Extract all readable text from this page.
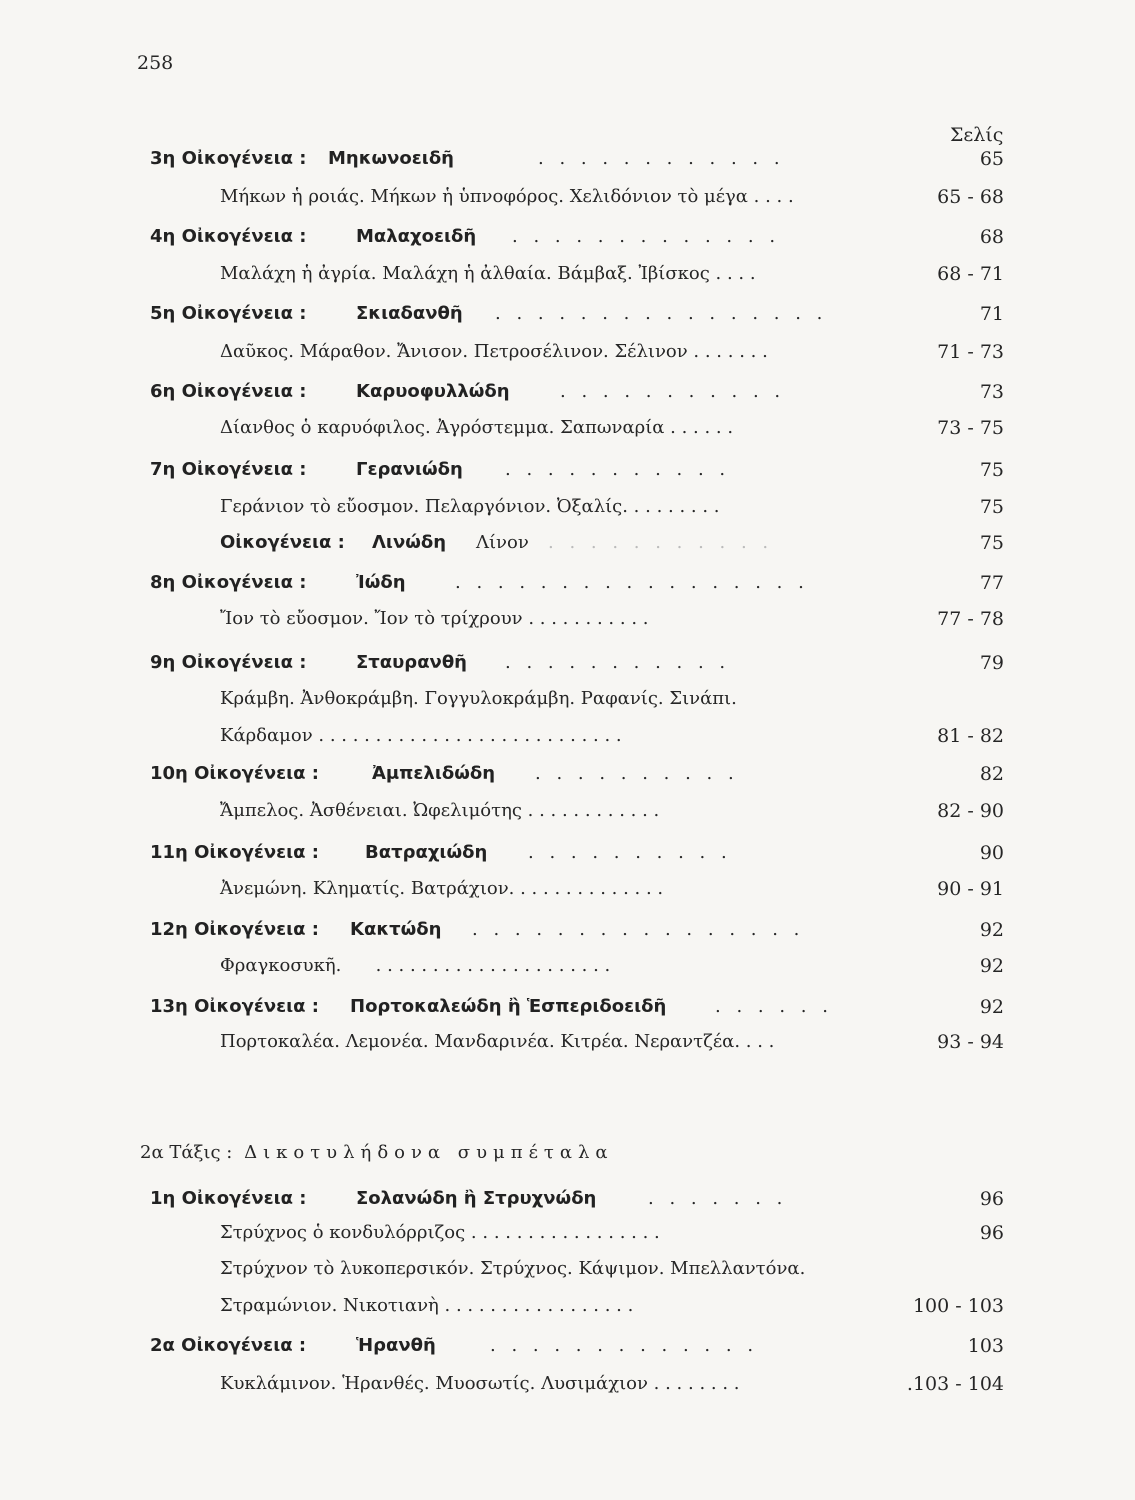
258
Σελίς
3η Οἰκογένεια : Μηκωνοειδῆ	. . . . . . . . . . . .	65
Μήκων ἡ ροιάς. Μήκων ἡ ὑπνοφόρος. Χελιδόνιον τὸ μέγα . . . .	65 - 68
4η Οἰκογένεια :	Μαλαχοειδῆ . . . . . . . . . . . . .	68
Μαλάχη ἡ ἀγρία. Μαλάχη ἡ ἀλθαία. Βάμβαξ. Ἰβίσκος . . . .	68 - 71
5η Οἰκογένεια :	Σκιαδανθῆ . . . . . . . . . . . . . . . .	71
Δαῦκος. Μάραθον. Ἄνισον. Πετροσέλινον. Σέλινον . . . . . . .	71 - 73
6η Οἰκογένεια :	Καρυοφυλλώδη	. . . . . . . . . . .	73
Δίανθος ὁ καρυόφιλος. Ἀγρόστεμμα. Σαπωναρία . . . . . .	73 - 75
7η Οἰκογένεια :	Γερανιώδη . . . . . . . . . . .	75
Γεράνιον τὸ εὔοσμον. Πελαργόνιον. Ὀξαλίς. . . . . . . . .	75
Οἰκογένεια : Λινώδη Λίνον . . . . . . . . . . .	75
8η Οἰκογένεια :	Ἰώδη	. . . . . . . . . . . . . . . . .	77
Ἴον τὸ εὔοσμον. Ἴον τὸ τρίχρουν . . . . . . . . . . .	77 - 78
9η Οἰκογένεια :	Σταυρανθῆ . . . . . . . . . . .	79
Κράμβη. Ἀνθοκράμβη. Γογγυλοκράμβη. Ραφανίς. Σινάπι.
Κάρδαμον . . . . . . . . . . . . . . . . . . . . . . . . . . .	81 - 82
10η Οἰκογένεια :	Ἀμπελιδώδη . . . . . . . . . .	82
Ἄμπελος. Ἀσθένειαι. Ὠφελιμότης . . . . . . . . . . . .	82 - 90
11η Οἰκογένεια :	Βατραχιώδη . . . . . . . . . .	90
Ἀνεμώνη. Κληματίς. Βατράχιον. . . . . . . . . . . . . .	90 - 91
12η Οἰκογένεια : Κακτώδη . . . . . . . . . . . . . . . .	92
Φραγκοσυκῆ.      . . . . . . . . . . . . . . . . . . . . .	92
13η Οἰκογένεια : Πορτοκαλεώδη ἢ Ἑσπεριδοειδῆ	. . . . . .	92
Πορτοκαλέα. Λεμονέα. Μανδαρινέα. Κιτρέα. Νεραντζέα. . . .	93 - 94
2α Τάξις : Δικοτυλήδονα συμπέταλα
1η Οἰκογένεια :	Σολανώδη ἢ Στρυχνώδη	. . . . . . .	96
Στρύχνος ὁ κονδυλόρριζος . . . . . . . . . . . . . . . . .	96
Στρύχνον τὸ λυκοπερσικόν. Στρύχνος. Κάψιμον. Μπελλαντόνα.
Στραμώνιον. Νικοτιανὴ . . . . . . . . . . . . . . . . .	100 - 103
2α Οἰκογένεια :	Ἡρανθῆ	. . . . . . . . . . . . .	103
Κυκλάμινον. Ἡρανθές. Μυοσωτίς. Λυσιμάχιον . . . . . . . .	.103 - 104
